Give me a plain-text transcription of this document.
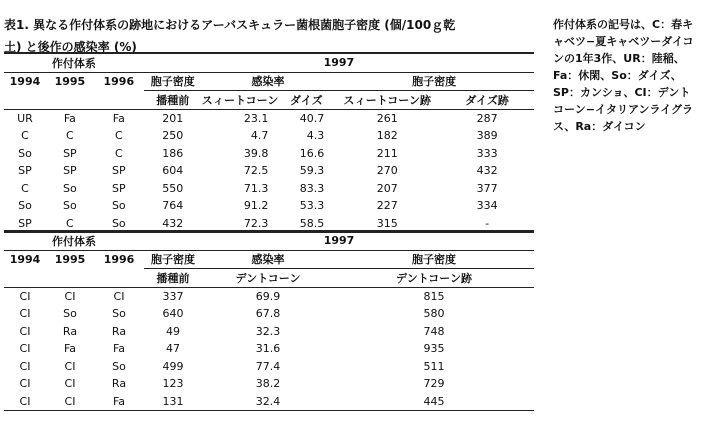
表1. 異なる作付体系の跡地におけるアーバスキュラー菌根菌胞子密度 (個/100ｇ乾
土) と後作の感染率 (%)
作付体系の記号は、C：春キャベツ−夏キャベツーダイコンの1年3作、UR：陸稲、Fa：休閑、So：ダイズ、SP：カンショ、CI：デントコーン−イタリアンライグラス、Ra：ダイコン
作付体系			1997				
1994	1995	1996	胞子密度	感染率		胞子密度	
			播種前	スィートコーン	ダイズ	スィートコーン跡	ダイズ跡
UR	Fa	Fa	201	23.1	40.7	261	287
C	C	C	250	4.7	4.3	182	389
So	SP	C	186	39.8	16.6	211	333
SP	SP	SP	604	72.5	59.3	270	432
C	So	SP	550	71.3	83.3	207	377
So	So	So	764	91.2	53.3	227	334
SP	C	So	432	72.3	58.5	315	-
作付体系			1997		
1994	1995	1996	胞子密度	感染率	胞子密度
			播種前	デントコーン	デントコーン跡
CI	CI	CI	337	69.9	815
CI	So	So	640	67.8	580
CI	Ra	Ra	49	32.3	748
CI	Fa	Fa	47	31.6	935
CI	CI	So	499	77.4	511
CI	CI	Ra	123	38.2	729
CI	CI	Fa	131	32.4	445
